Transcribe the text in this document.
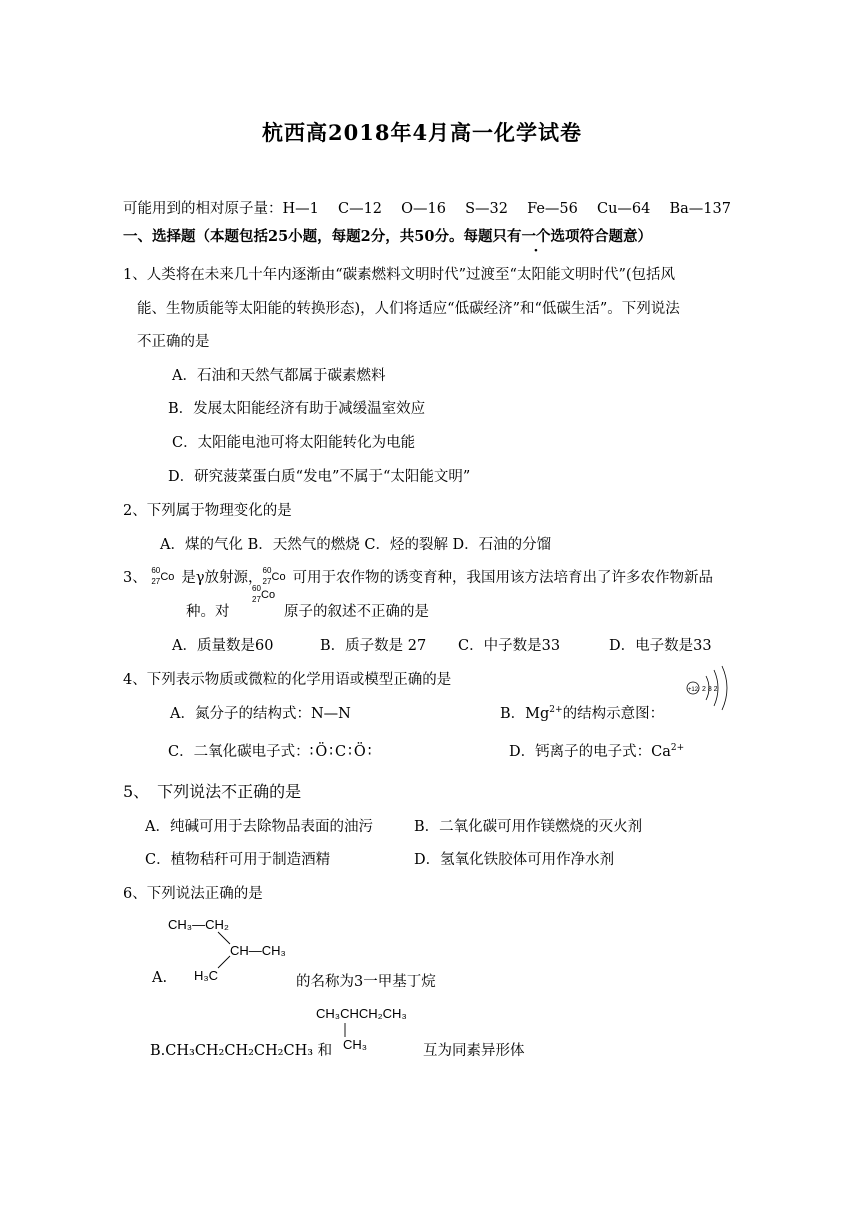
杭西高2018年4月高一化学试卷
可能用到的相对原子量：H—1　 C—12　 O—16　 S—32　 Fe—56　 Cu—64　 Ba—137
一、选择题（本题包括25小题，每题2分，共50分。每题只有一个选项符合题意）
1、人类将在未来几十年内逐渐由“碳素燃料文明时代”过渡至“太阳能文明时代”(包括风
能、生物质能等太阳能的转换形态)，人们将适应“低碳经济”和“低碳生活”。下列说法
不正确的是
A．石油和天然气都属于碳素燃料
B．发展太阳能经济有助于减缓温室效应
C．太阳能电池可将太阳能转化为电能
D．研究菠菜蛋白质“发电”不属于“太阳能文明”
2、下列属于物理变化的是
A．煤的气化 B．天然气的燃烧 C．烃的裂解 D．石油的分馏
3、 60
27 Co 是γ放射源， 60
27 Co 可用于农作物的诱变育种，我国用该方法培育出了许多农作物新品
种。对
60
27 Co
原子的叙述不正确的是
A．质量数是60	B．质子数是 27 C．中子数是33	D．电子数是33
4、下列表示物质或微粒的化学用语或模型正确的是
A．氮分子的结构式：N—N	B．$Mg^{2+}$的结构示意图：
+12 2 8 2
C．二氧化碳电子式：∶Ö∶C∶Ö∶	D．钙离子的电子式：$Ca^{2+}$
5、　下列说法不正确的是
A．纯碱可用于去除物品表面的油污	B．二氧化碳可用作镁燃烧的灭火剂
C．植物秸秆可用于制造酒精	D．氢氧化铁胶体可用作净水剂
6、下列说法正确的是
CH₃—CH₂
CH—CH₃
H₃C
A.	的名称为3一甲基丁烷
CH₃CHCH₂CH₃
CH₃
B.CH₃CH₂CH₂CH₂CH₃ 和	互为同素异形体
